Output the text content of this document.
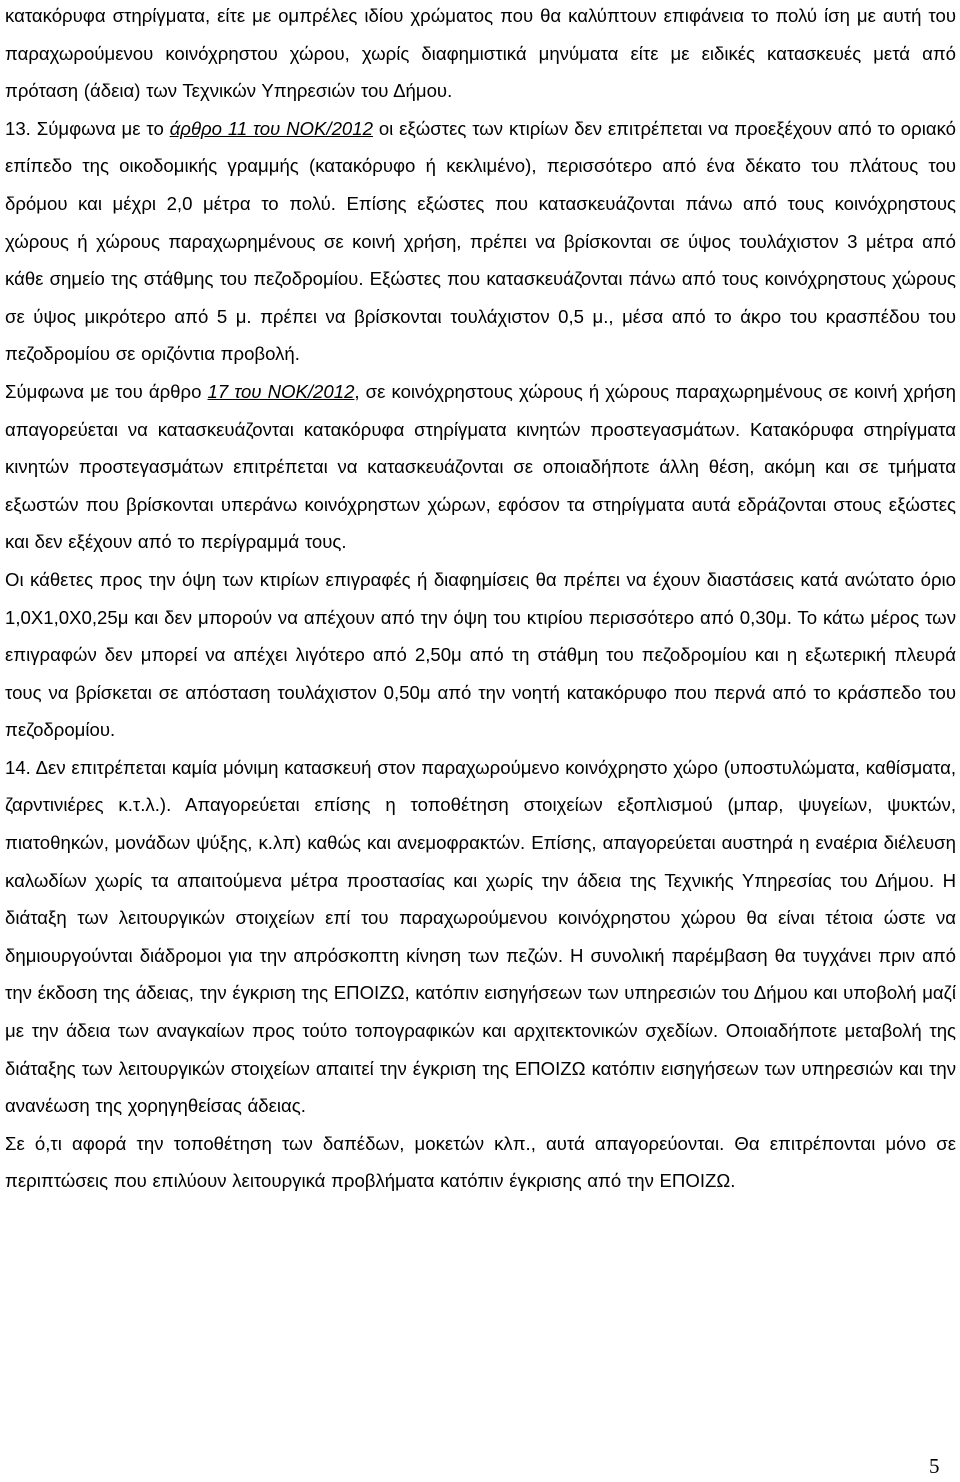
κατακόρυφα στηρίγματα, είτε με ομπρέλες ιδίου χρώματος που θα καλύπτουν επιφάνεια το πολύ ίση με αυτή του παραχωρούμενου κοινόχρηστου χώρου, χωρίς διαφημιστικά μηνύματα είτε με ειδικές κατασκευές μετά από πρόταση (άδεια) των Τεχνικών Υπηρεσιών του Δήμου.

13. Σύμφωνα με το άρθρο 11 του ΝΟΚ/2012 οι εξώστες των κτιρίων δεν επιτρέπεται να προεξέχουν από το οριακό επίπεδο της οικοδομικής γραμμής (κατακόρυφο ή κεκλιμένο), περισσότερο από ένα δέκατο του πλάτους του δρόμου και μέχρι 2,0 μέτρα το πολύ. Επίσης εξώστες που κατασκευάζονται πάνω από τους κοινόχρηστους χώρους ή χώρους παραχωρημένους σε κοινή χρήση, πρέπει να βρίσκονται σε ύψος τουλάχιστον 3 μέτρα από κάθε σημείο της στάθμης του πεζοδρομίου. Εξώστες που κατασκευάζονται πάνω από τους κοινόχρηστους χώρους σε ύψος μικρότερο από 5 μ. πρέπει να βρίσκονται τουλάχιστον 0,5 μ., μέσα από το άκρο του κρασπέδου του πεζοδρομίου σε οριζόντια προβολή.

Σύμφωνα με του άρθρο 17 του ΝΟΚ/2012, σε κοινόχρηστους χώρους ή χώρους παραχωρημένους σε κοινή χρήση απαγορεύεται να κατασκευάζονται κατακόρυφα στηρίγματα κινητών προστεγασμάτων. Κατακόρυφα στηρίγματα κινητών προστεγασμάτων επιτρέπεται να κατασκευάζονται σε οποιαδήποτε άλλη θέση, ακόμη και σε τμήματα εξωστών που βρίσκονται υπεράνω κοινόχρηστων χώρων, εφόσον τα στηρίγματα αυτά εδράζονται στους εξώστες και δεν εξέχουν από το περίγραμμά τους.

Οι κάθετες προς την όψη των κτιρίων επιγραφές ή διαφημίσεις θα πρέπει να έχουν διαστάσεις κατά ανώτατο όριο 1,0Χ1,0Χ0,25μ και δεν μπορούν να απέχουν από την όψη του κτιρίου περισσότερο από 0,30μ. Το κάτω μέρος των επιγραφών δεν μπορεί να απέχει λιγότερο από 2,50μ από τη στάθμη του πεζοδρομίου και η εξωτερική πλευρά τους να βρίσκεται σε απόσταση τουλάχιστον 0,50μ από την νοητή κατακόρυφο που περνά από το κράσπεδο του πεζοδρομίου.

14. Δεν επιτρέπεται καμία μόνιμη κατασκευή στον παραχωρούμενο κοινόχρηστο χώρο (υποστυλώματα, καθίσματα, ζαρντινιέρες κ.τ.λ.). Απαγορεύεται επίσης η τοποθέτηση στοιχείων εξοπλισμού (μπαρ, ψυγείων, ψυκτών, πιατοθηκών, μονάδων ψύξης, κ.λπ) καθώς και ανεμοφρακτών. Επίσης, απαγορεύεται αυστηρά η εναέρια διέλευση καλωδίων χωρίς τα απαιτούμενα μέτρα προστασίας και χωρίς την άδεια της Τεχνικής Υπηρεσίας του Δήμου. Η διάταξη των λειτουργικών στοιχείων επί του παραχωρούμενου κοινόχρηστου χώρου θα είναι τέτοια ώστε να δημιουργούνται διάδρομοι για την απρόσκοπτη κίνηση των πεζών. Η συνολική παρέμβαση θα τυγχάνει πριν από την έκδοση της άδειας, την έγκριση της ΕΠΟΙΖΩ, κατόπιν εισηγήσεων των υπηρεσιών του Δήμου και υποβολή μαζί με την άδεια των αναγκαίων προς τούτο τοπογραφικών και αρχιτεκτονικών σχεδίων. Οποιαδήποτε μεταβολή της διάταξης των λειτουργικών στοιχείων απαιτεί την έγκριση της ΕΠΟΙΖΩ κατόπιν εισηγήσεων των υπηρεσιών και την ανανέωση της χορηγηθείσας άδειας.

Σε ό,τι αφορά την τοποθέτηση των δαπέδων, μοκετών κλπ., αυτά απαγορεύονται. Θα επιτρέπονται μόνο σε περιπτώσεις που επιλύουν λειτουργικά προβλήματα κατόπιν έγκρισης από την ΕΠΟΙΖΩ.

5
